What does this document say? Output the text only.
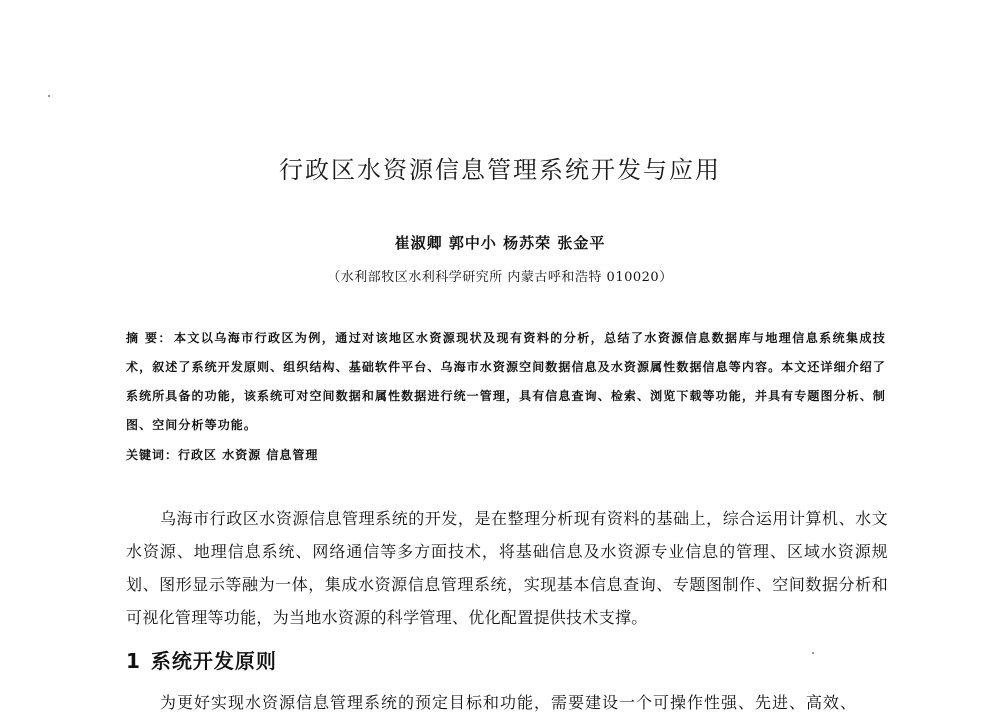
行政区水资源信息管理系统开发与应用
崔淑卿 郭中小 杨苏荣 张金平
（水利部牧区水利科学研究所 内蒙古呼和浩特 010020）
摘 要： 本文以乌海市行政区为例，通过对该地区水资源现状及现有资料的分析，总结了水资源信息数据库与地理信息系统集成技术，叙述了系统开发原则、组织结构、基础软件平台、乌海市水资源空间数据信息及水资源属性数据信息等内容。本文还详细介绍了系统所具备的功能，该系统可对空间数据和属性数据进行统一管理，具有信息查询、检索、浏览下载等功能，并具有专题图分析、制图、空间分析等功能。
关键词：行政区 水资源 信息管理
乌海市行政区水资源信息管理系统的开发，是在整理分析现有资料的基础上，综合运用计算机、水文水资源、地理信息系统、网络通信等多方面技术，将基础信息及水资源专业信息的管理、区域水资源规划、图形显示等融为一体，集成水资源信息管理系统，实现基本信息查询、专题图制作、空间数据分析和可视化管理等功能，为当地水资源的科学管理、优化配置提供技术支撑。
1 系统开发原则
为更好实现水资源信息管理系统的预定目标和功能，需要建设一个可操作性强、先进、高效、
